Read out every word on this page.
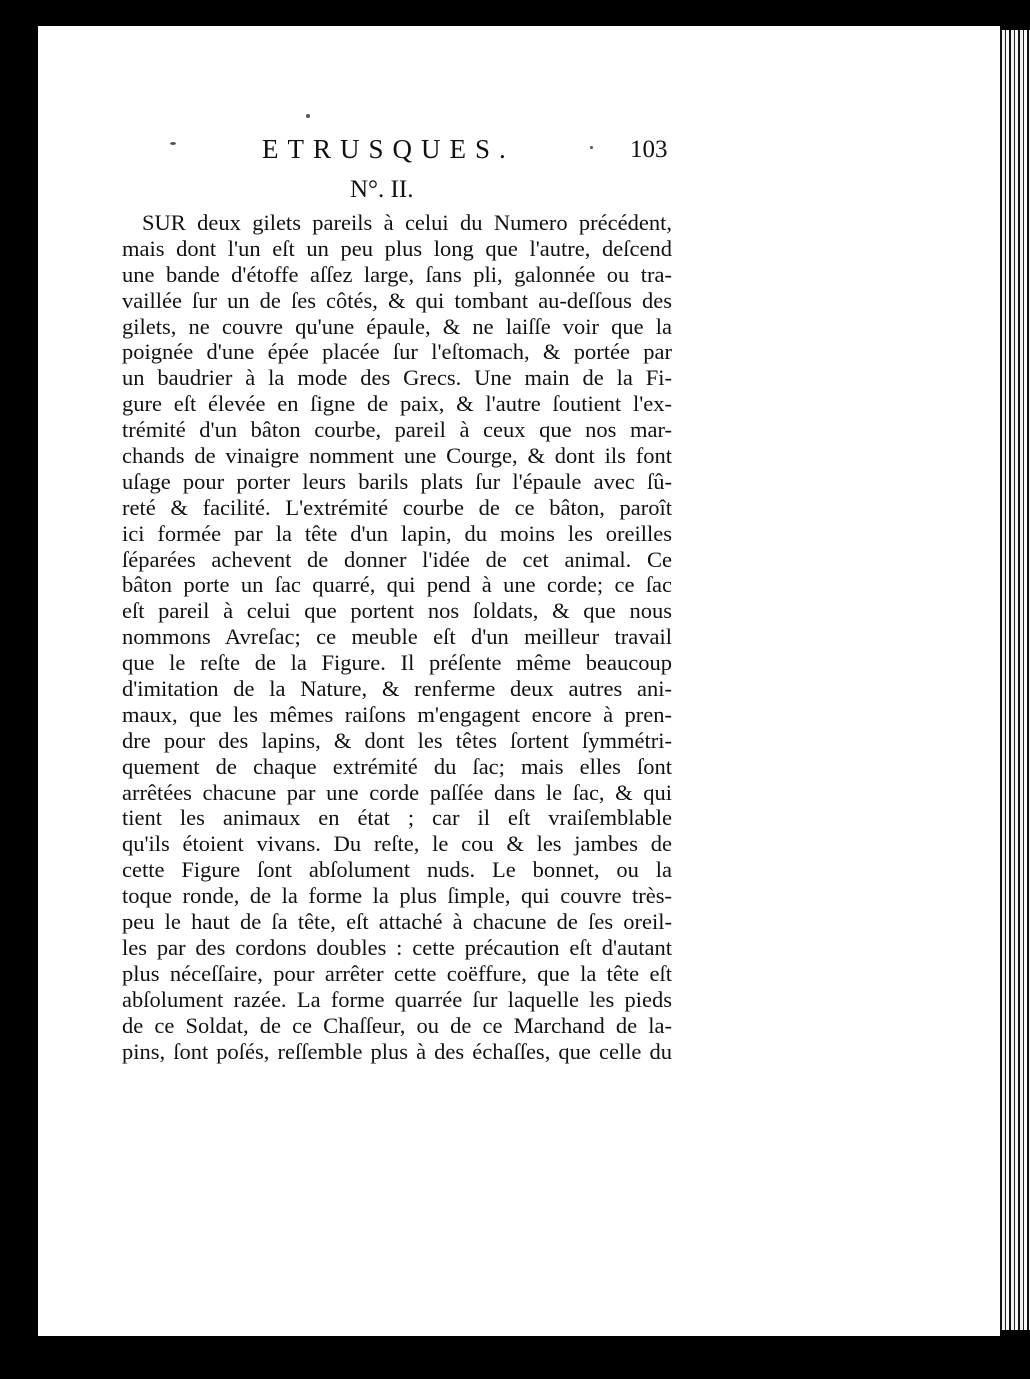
ETRUSQUES.	103
N°. II.
SUR deux gilets pareils à celui du Numero précédent,
mais dont l'un eſt un peu plus long que l'autre, deſcend
une bande d'étoffe aſſez large, ſans pli, galonnée ou tra-
vaillée ſur un de ſes côtés, & qui tombant au-deſſous des
gilets, ne couvre qu'une épaule, & ne laiſſe voir que la
poignée d'une épée placée ſur l'eſtomach, & portée par
un baudrier à la mode des Grecs. Une main de la Fi-
gure eſt élevée en ſigne de paix, & l'autre ſoutient l'ex-
trémité d'un bâton courbe, pareil à ceux que nos mar-
chands de vinaigre nomment une Courge, & dont ils font
uſage pour porter leurs barils plats ſur l'épaule avec ſû-
reté & facilité. L'extrémité courbe de ce bâton, paroît
ici formée par la tête d'un lapin, du moins les oreilles
ſéparées achevent de donner l'idée de cet animal. Ce
bâton porte un ſac quarré, qui pend à une corde; ce ſac
eſt pareil à celui que portent nos ſoldats, & que nous
nommons Avreſac; ce meuble eſt d'un meilleur travail
que le reſte de la Figure. Il préſente même beaucoup
d'imitation de la Nature, & renferme deux autres ani-
maux, que les mêmes raiſons m'engagent encore à pren-
dre pour des lapins, & dont les têtes ſortent ſymmétri-
quement de chaque extrémité du ſac; mais elles ſont
arrêtées chacune par une corde paſſée dans le ſac, & qui
tient les animaux en état ; car il eſt vraiſemblable
qu'ils étoient vivans. Du reſte, le cou & les jambes de
cette Figure ſont abſolument nuds. Le bonnet, ou la
toque ronde, de la forme la plus ſimple, qui couvre très-
peu le haut de ſa tête, eſt attaché à chacune de ſes oreil-
les par des cordons doubles : cette précaution eſt d'autant
plus néceſſaire, pour arrêter cette coëffure, que la tête eſt
abſolument razée. La forme quarrée ſur laquelle les pieds
de ce Soldat, de ce Chaſſeur, ou de ce Marchand de la-
pins, ſont poſés, reſſemble plus à des échaſſes, que celle du
